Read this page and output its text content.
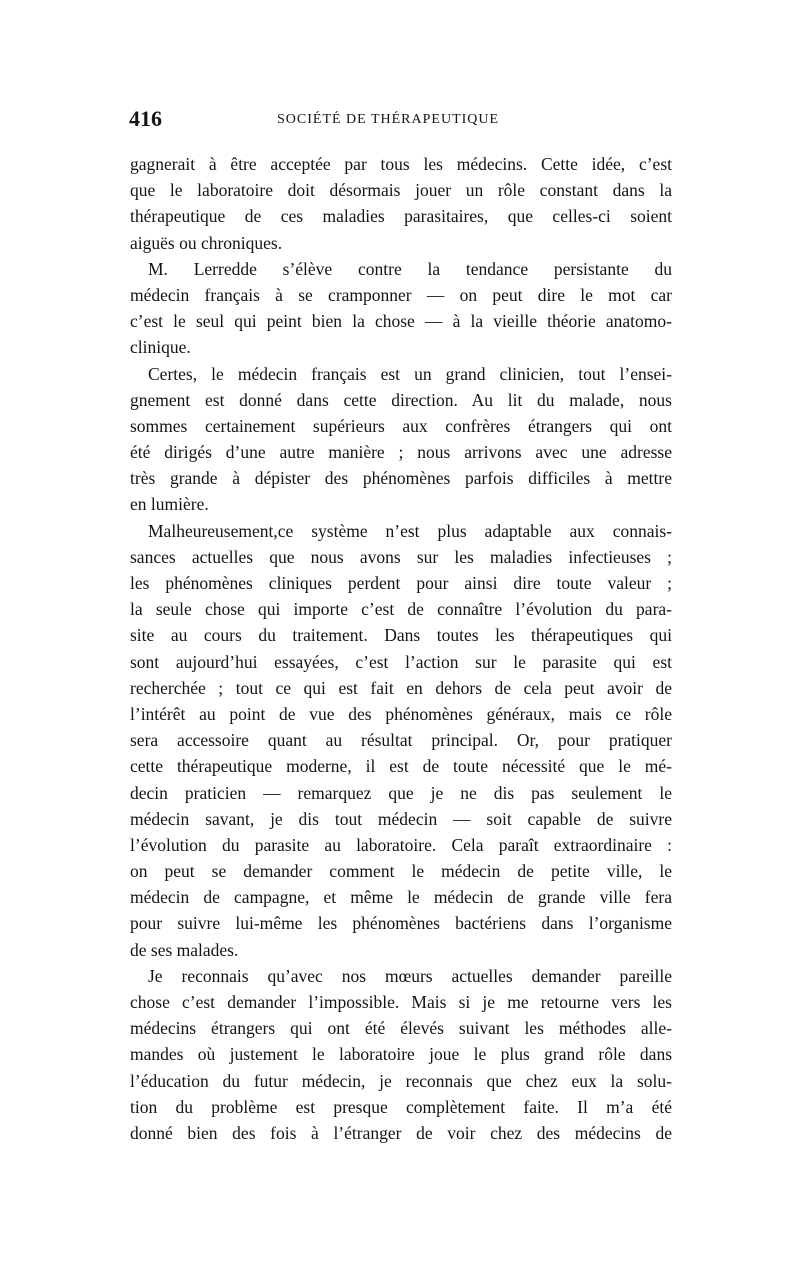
416	SOCIÉTÉ DE THÉRAPEUTIQUE
gagnerait à être acceptée par tous les médecins. Cette idée, c’est
que le laboratoire doit désormais jouer un rôle constant dans la
thérapeutique de ces maladies parasitaires, que celles-ci soient
aiguës ou chroniques.
M. Lerredde s’élève contre la tendance persistante du
médecin français à se cramponner — on peut dire le mot car
c’est le seul qui peint bien la chose — à la vieille théorie anatomo-
clinique.
Certes, le médecin français est un grand clinicien, tout l’ensei-
gnement est donné dans cette direction. Au lit du malade, nous
sommes certainement supérieurs aux confrères étrangers qui ont
été dirigés d’une autre manière ; nous arrivons avec une adresse
très grande à dépister des phénomènes parfois difficiles à mettre
en lumière.
Malheureusement,ce système n’est plus adaptable aux connais-
sances actuelles que nous avons sur les maladies infectieuses ;
les phénomènes cliniques perdent pour ainsi dire toute valeur ;
la seule chose qui importe c’est de connaître l’évolution du para-
site au cours du traitement. Dans toutes les thérapeutiques qui
sont aujourd’hui essayées, c’est l’action sur le parasite qui est
recherchée ; tout ce qui est fait en dehors de cela peut avoir de
l’intérêt au point de vue des phénomènes généraux, mais ce rôle
sera accessoire quant au résultat principal. Or, pour pratiquer
cette thérapeutique moderne, il est de toute nécessité que le mé-
decin praticien — remarquez que je ne dis pas seulement le
médecin savant, je dis tout médecin — soit capable de suivre
l’évolution du parasite au laboratoire. Cela paraît extraordinaire :
on peut se demander comment le médecin de petite ville, le
médecin de campagne, et même le médecin de grande ville fera
pour suivre lui-même les phénomènes bactériens dans l’organisme
de ses malades.
Je reconnais qu’avec nos mœurs actuelles demander pareille
chose c’est demander l’impossible. Mais si je me retourne vers les
médecins étrangers qui ont été élevés suivant les méthodes alle-
mandes où justement le laboratoire joue le plus grand rôle dans
l’éducation du futur médecin, je reconnais que chez eux la solu-
tion du problème est presque complètement faite. Il m’a été
donné bien des fois à l’étranger de voir chez des médecins de
